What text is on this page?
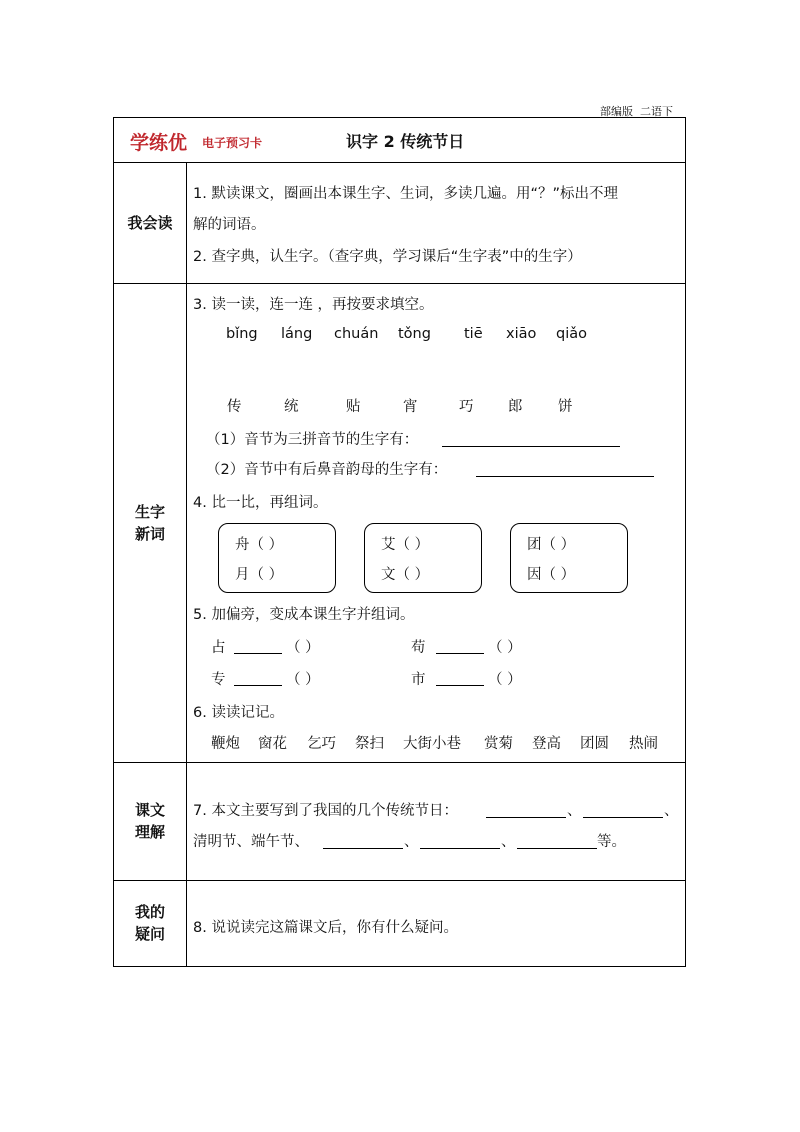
部编版  二语下
学练优 电子预习卡	识字 2 传统节日
我会读
1. 默读课文，圈画出本课生字、生词，多读几遍。用“？”标出不理
解的词语。
2. 查字典，认生字。（查字典，学习课后“生字表”中的生字）
生字
新词
3. 读一读，连一连 ，再按要求填空。
bǐng láng chuán tǒng tiē xiāo qiǎo
传	统	贴	宵	巧 郎 饼
（1）音节为三拼音节的生字有：
（2）音节中有后鼻音韵母的生字有：
4. 比一比，再组词。
舟（ ）
月（ ）
艾（ ）
文（ ）
团（ ）
因（ ）
5. 加偏旁，变成本课生字并组词。
占	（ ）	苟	（ ）
专	（ ）	市	（ ）
6. 读读记记。
鞭炮 窗花 乞巧 祭扫 大街小巷 赏菊 登高 团圆 热闹
课文
理解
7. 本文主要写到了我国的几个传统节日：	、	、
清明节、端午节、	、	、	等。
我的
疑问 8. 说说读完这篇课文后，你有什么疑问。
